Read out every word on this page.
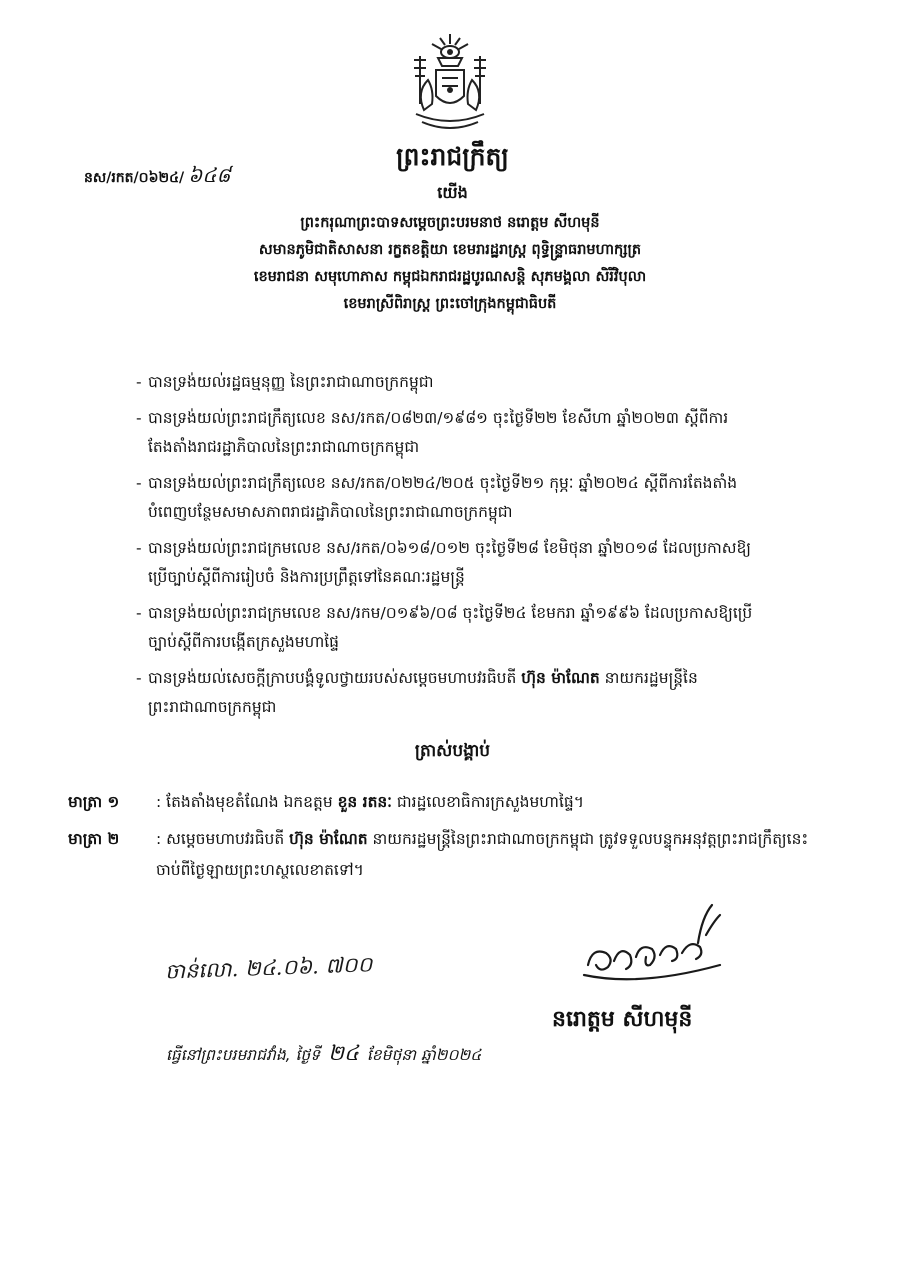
នស/រកត/០៦២៤/ ៦៤៨
ព្រះរាជក្រឹត្យ
យើង
ព្រះករុណាព្រះបាទសម្ដេចព្រះបរមនាថ នរោត្តម សីហមុនី
សមានភូមិជាតិសាសនា រក្ខតខត្តិយា ខេមរារដ្ឋរាស្ត្រ ពុទ្ធិន្ទ្រាធរាមហាក្សត្រ
ខេមរាជនា សមុហោភាស កម្ពុជឯករាជរដ្ឋបូរណសន្តិ សុភមង្គលា សិរីវិបុលា
ខេមរាស្រីពិរាស្ត្រ ព្រះចៅក្រុងកម្ពុជាធិបតី
- បានទ្រង់យល់រដ្ឋធម្មនុញ្ញ នៃព្រះរាជាណាចក្រកម្ពុជា
- បានទ្រង់យល់ព្រះរាជក្រឹត្យលេខ នស/រកត/០៨២៣/១៩៨១ ចុះថ្ងៃទី២២ ខែសីហា ឆ្នាំ២០២៣ ស្ដីពីការតែងតាំងរាជរដ្ឋាភិបាលនៃព្រះរាជាណាចក្រកម្ពុជា
- បានទ្រង់យល់ព្រះរាជក្រឹត្យលេខ នស/រកត/០២២៤/២០៥ ចុះថ្ងៃទី២១ កុម្ភៈ ឆ្នាំ២០២៤ ស្ដីពីការតែងតាំងបំពេញបន្ថែមសមាសភាពរាជរដ្ឋាភិបាលនៃព្រះរាជាណាចក្រកម្ពុជា
- បានទ្រង់យល់ព្រះរាជក្រមលេខ នស/រកត/០៦១៨/០១២ ចុះថ្ងៃទី២៨ ខែមិថុនា ឆ្នាំ២០១៨ ដែលប្រកាសឱ្យប្រើច្បាប់ស្ដីពីការរៀបចំ និងការប្រព្រឹត្តទៅនៃគណៈរដ្ឋមន្ត្រី
- បានទ្រង់យល់ព្រះរាជក្រមលេខ នស/រកម/០១៩៦/០៨ ចុះថ្ងៃទី២៤ ខែមករា ឆ្នាំ១៩៩៦ ដែលប្រកាសឱ្យប្រើច្បាប់ស្ដីពីការបង្កើតក្រសួងមហាផ្ទៃ
- បានទ្រង់យល់សេចក្ដីក្រាបបង្គំទូលថ្វាយរបស់សម្ដេចមហាបវរធិបតី ហ៊ុន ម៉ាណែត នាយករដ្ឋមន្ត្រីនៃព្រះរាជាណាចក្រកម្ពុជា
ត្រាស់បង្គាប់
មាត្រា ១ : តែងតាំងមុខតំណែង ឯកឧត្តម ខួន រតនៈ ជារដ្ឋលេខាធិការក្រសួងមហាផ្ទៃ។
មាត្រា ២ : សម្ដេចមហាបវរធិបតី ហ៊ុន ម៉ាណែត នាយករដ្ឋមន្ត្រីនៃព្រះរាជាណាចក្រកម្ពុជា ត្រូវទទួលបន្ទុកអនុវត្តព្រះរាជក្រឹត្យនេះ ចាប់ពីថ្ងៃឡាយព្រះហស្ថលេខាតទៅ។
ចាន់លោ. ២៤.០៦. ៧០០
នរោត្តម សីហមុនី
ធ្វើនៅព្រះបរមរាជវាំង, ថ្ងៃទី ២៤ ខែមិថុនា ឆ្នាំ២០២៤
